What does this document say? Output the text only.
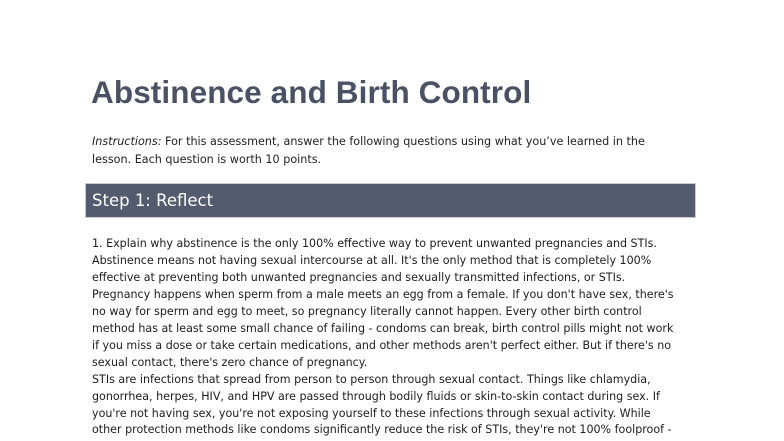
Abstinence and Birth Control
Instructions: For this assessment, answer the following questions using what you’ve learned in the
lesson. Each question is worth 10 points.
Step 1: Reflect

1. Explain why abstinence is the only 100% effective way to prevent unwanted pregnancies and STIs.

Abstinence means not having sexual intercourse at all. It's the only method that is completely 100%

effective at preventing both unwanted pregnancies and sexually transmitted infections, or STIs.

Pregnancy happens when sperm from a male meets an egg from a female. If you don't have sex, there's

no way for sperm and egg to meet, so pregnancy literally cannot happen. Every other birth control

method has at least some small chance of failing - condoms can break, birth control pills might not work

if you miss a dose or take certain medications, and other methods aren't perfect either. But if there's no

sexual contact, there's zero chance of pregnancy.

STIs are infections that spread from person to person through sexual contact. Things like chlamydia,

gonorrhea, herpes, HIV, and HPV are passed through bodily fluids or skin-to-skin contact during sex. If

you're not having sex, you're not exposing yourself to these infections through sexual activity. While

other protection methods like condoms significantly reduce the risk of STIs, they're not 100% foolproof -
